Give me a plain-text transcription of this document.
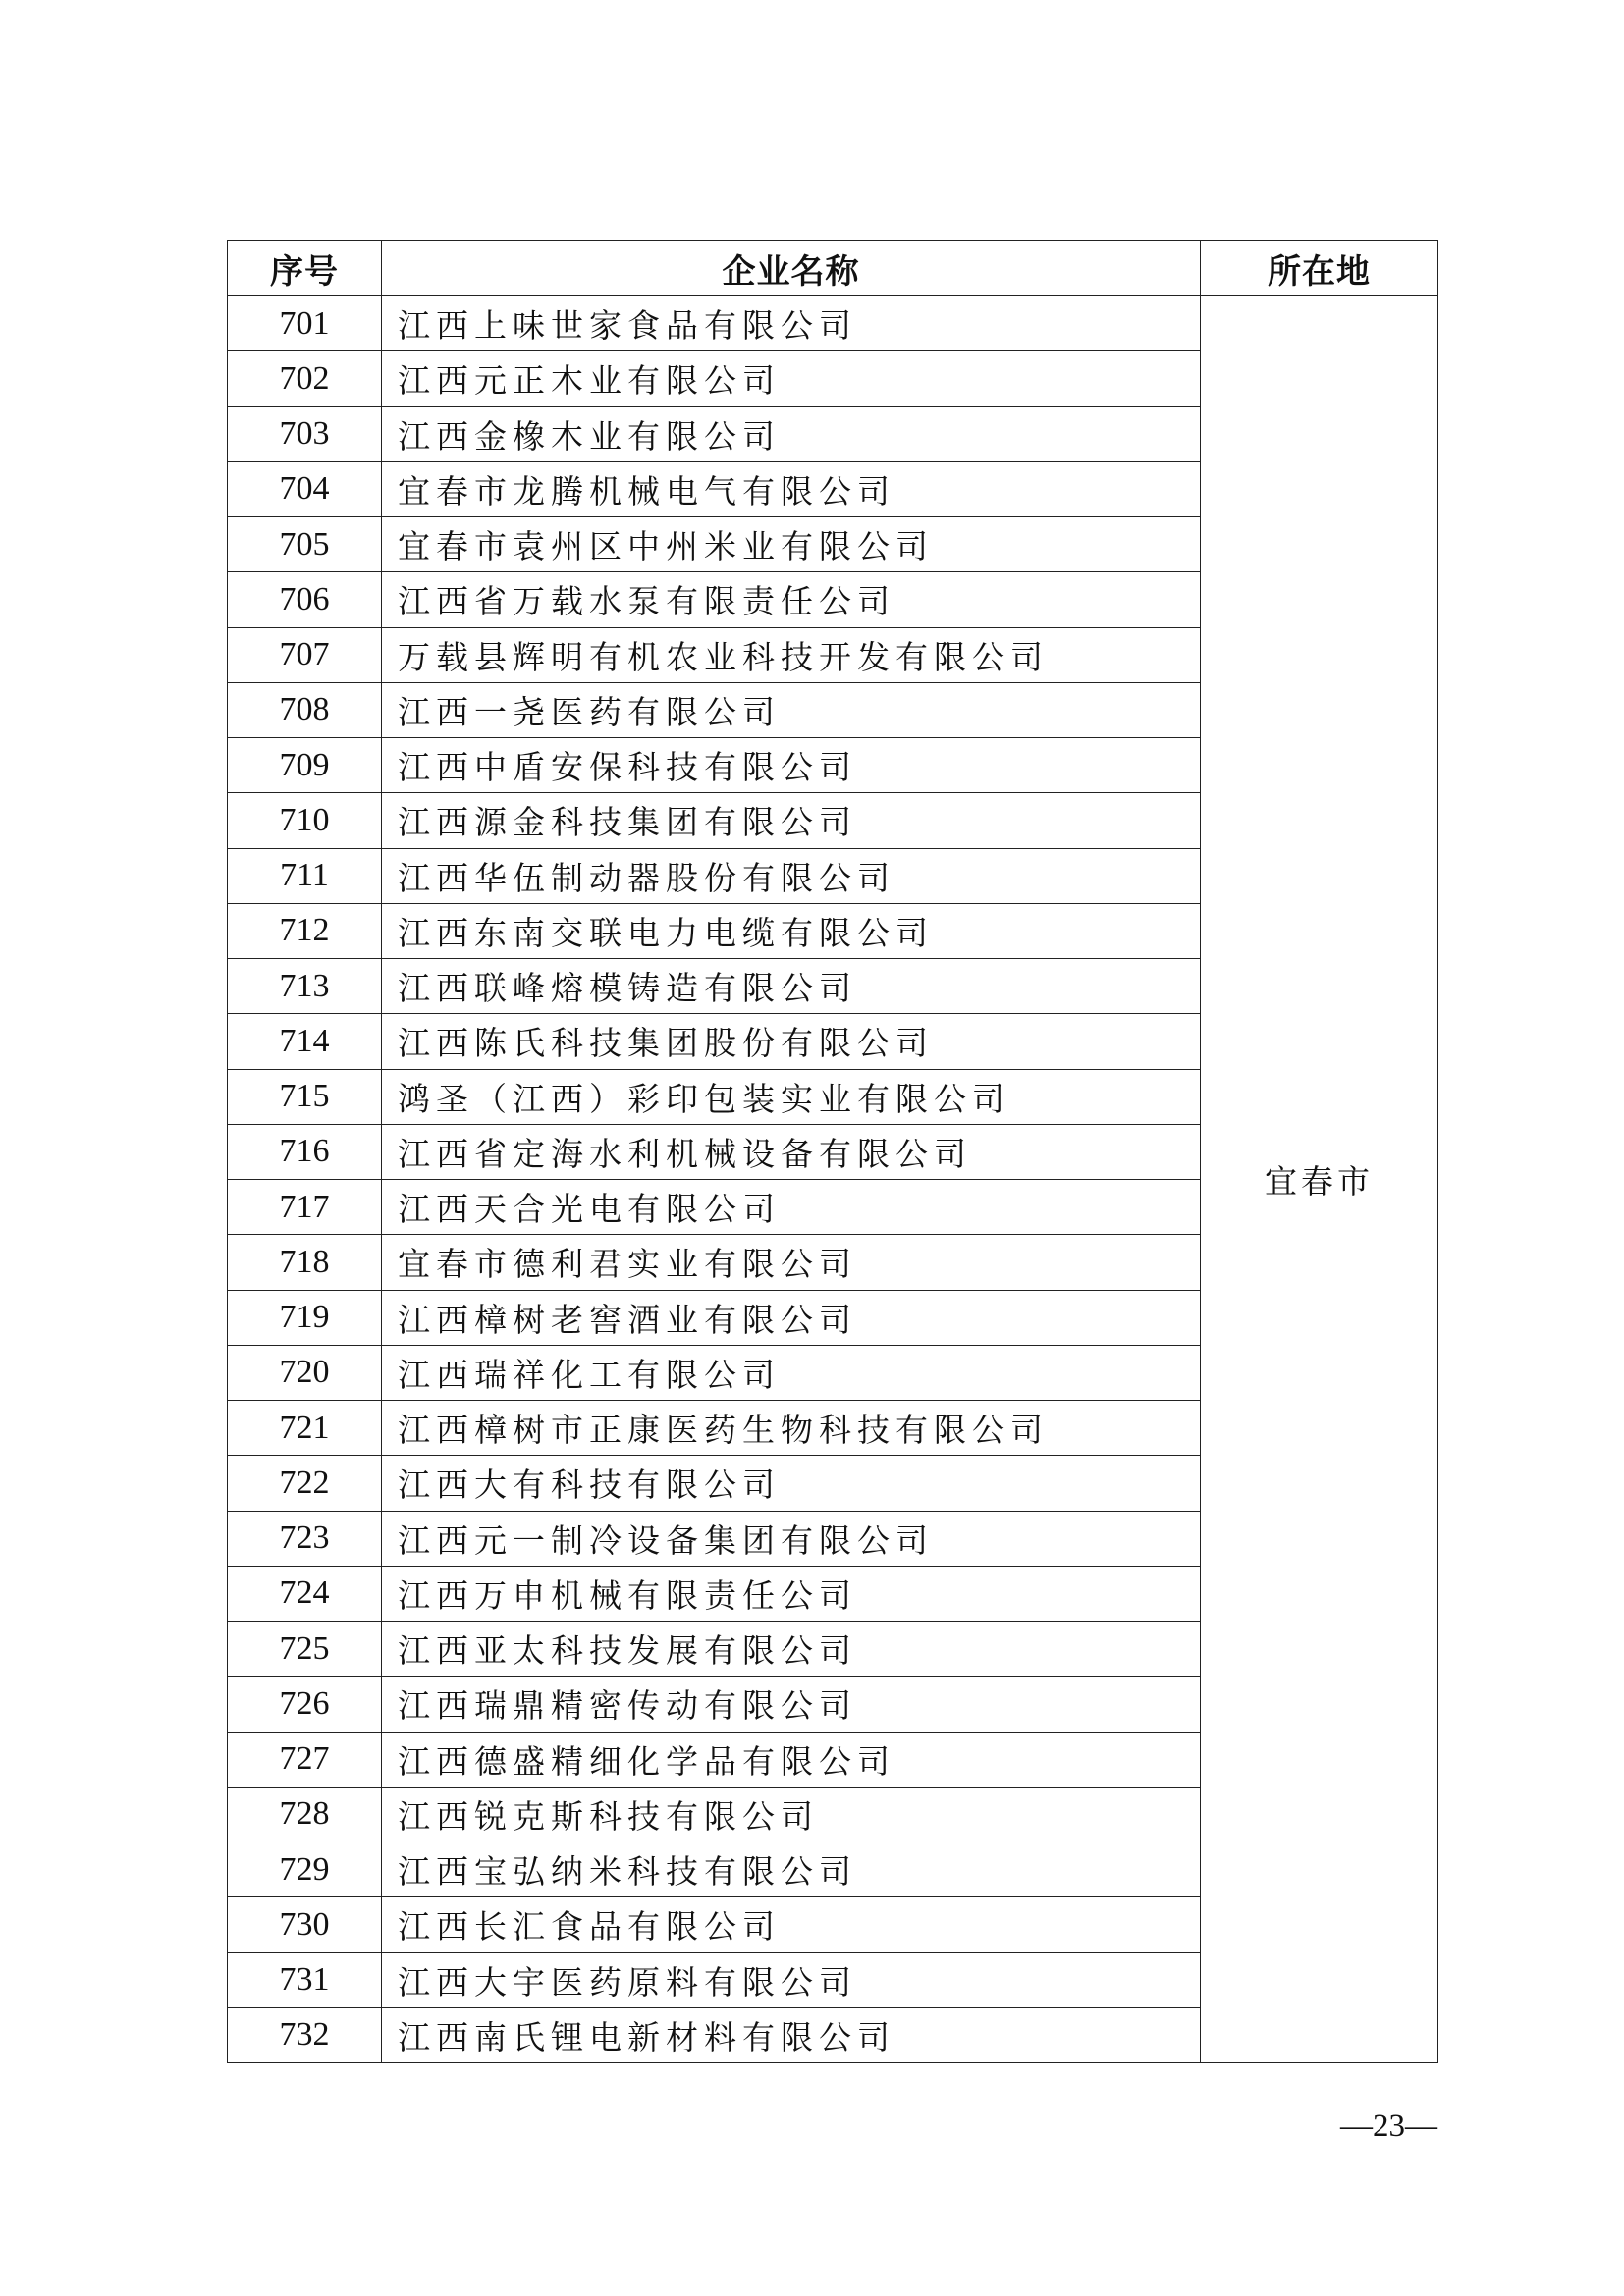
序号	企业名称	所在地
701	江西上味世家食品有限公司	宜春市
702	江西元正木业有限公司	
703	江西金橡木业有限公司	
704	宜春市龙腾机械电气有限公司	
705	宜春市袁州区中州米业有限公司	
706	江西省万载水泵有限责任公司	
707	万载县辉明有机农业科技开发有限公司	
708	江西一尧医药有限公司	
709	江西中盾安保科技有限公司	
710	江西源金科技集团有限公司	
711	江西华伍制动器股份有限公司	
712	江西东南交联电力电缆有限公司	
713	江西联峰熔模铸造有限公司	
714	江西陈氏科技集团股份有限公司	
715	鸿圣（江西）彩印包装实业有限公司	
716	江西省定海水利机械设备有限公司	
717	江西天合光电有限公司	
718	宜春市德利君实业有限公司	
719	江西樟树老窖酒业有限公司	
720	江西瑞祥化工有限公司	
721	江西樟树市正康医药生物科技有限公司	
722	江西大有科技有限公司	
723	江西元一制冷设备集团有限公司	
724	江西万申机械有限责任公司	
725	江西亚太科技发展有限公司	
726	江西瑞鼎精密传动有限公司	
727	江西德盛精细化学品有限公司	
728	江西锐克斯科技有限公司	
729	江西宝弘纳米科技有限公司	
730	江西长汇食品有限公司	
731	江西大宇医药原料有限公司	
732	江西南氏锂电新材料有限公司	
—23—
